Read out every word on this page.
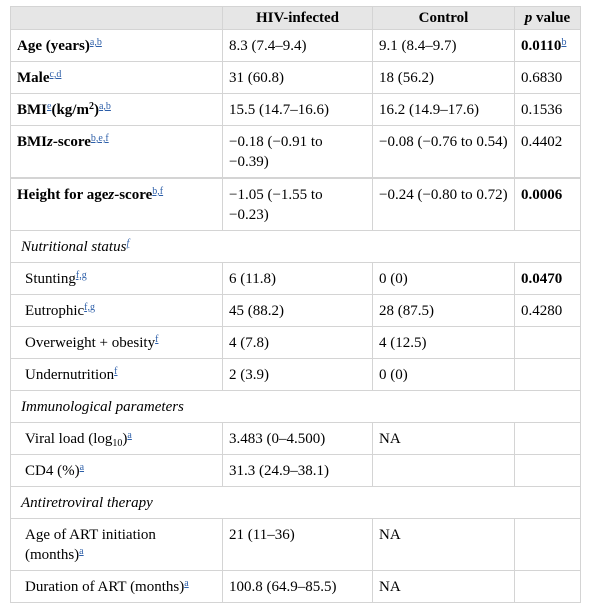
	HIV-infected	Control	p value
Age (years)$^{a,b}$	8.3 (7.4–9.4)	9.1 (8.4–9.7)	0.0110$^b$
Male$^{c,d}$	31 (60.8)	18 (56.2)	0.6830
$BMI^e(kg/m^2)^{a,b}$	15.5 (14.7–16.6)	16.2 (14.9–17.6)	0.1536
BMIz-score$^{b,e,f}$	−0.18 (−0.91 to −0.39)	−0.08 (−0.76 to 0.54)	0.4402

Height for agez-score$^{b,f}$	−1.05 (−1.55 to −0.23)	−0.24 (−0.80 to 0.72)	0.0006
Nutritional status$^f$
Stunting$^{f,g}$	6 (11.8)	0 (0)	0.0470
Eutrophic$^{f,g}$	45 (88.2)	28 (87.5)	0.4280
Overweight + obesity$^f$	4 (7.8)	4 (12.5)	
Undernutrition$^f$	2 (3.9)	0 (0)	
Immunological parameters			
Viral load $(\log_{10})^a$	3.483 (0–4.500)	NA	
CD4 (%)$^a$	31.3 (24.9–38.1)		
Antiretroviral therapy			
Age of ART initiation (months)$^a$	21 (11–36)	NA	
Duration of ART (months)$^a$	100.8 (64.9–85.5)	NA	
